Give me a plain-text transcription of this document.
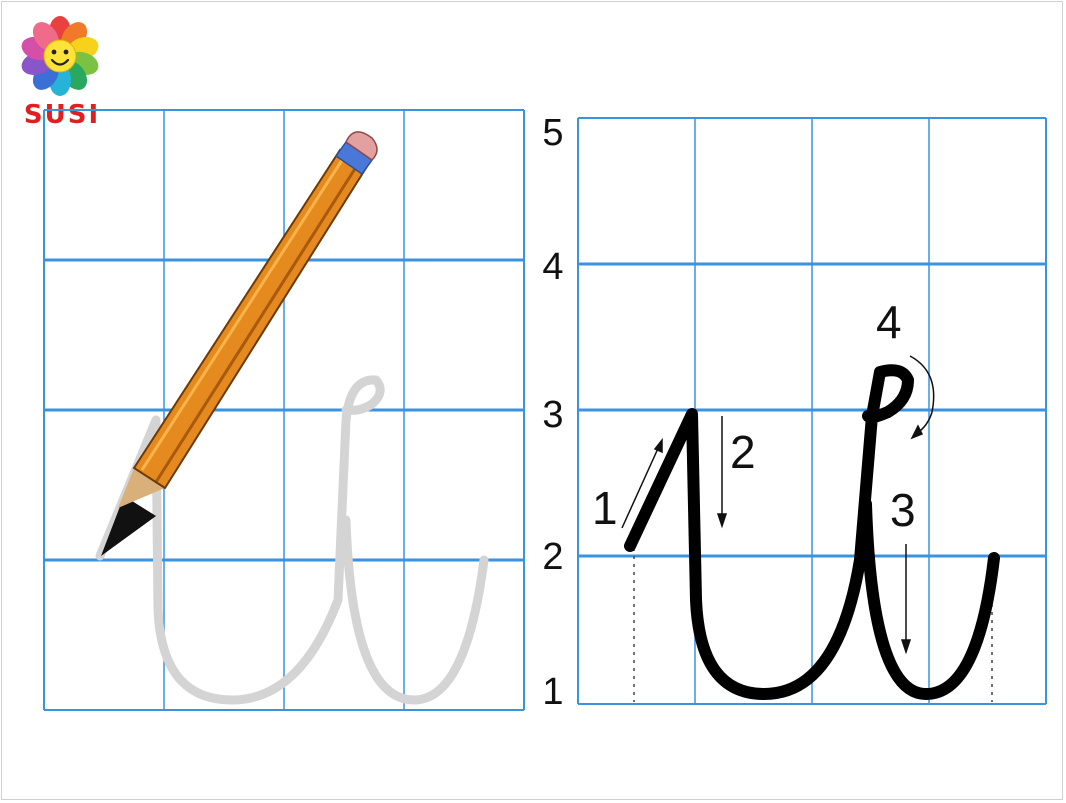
SUSI	5
4
3
2
1
1
2
3
4
